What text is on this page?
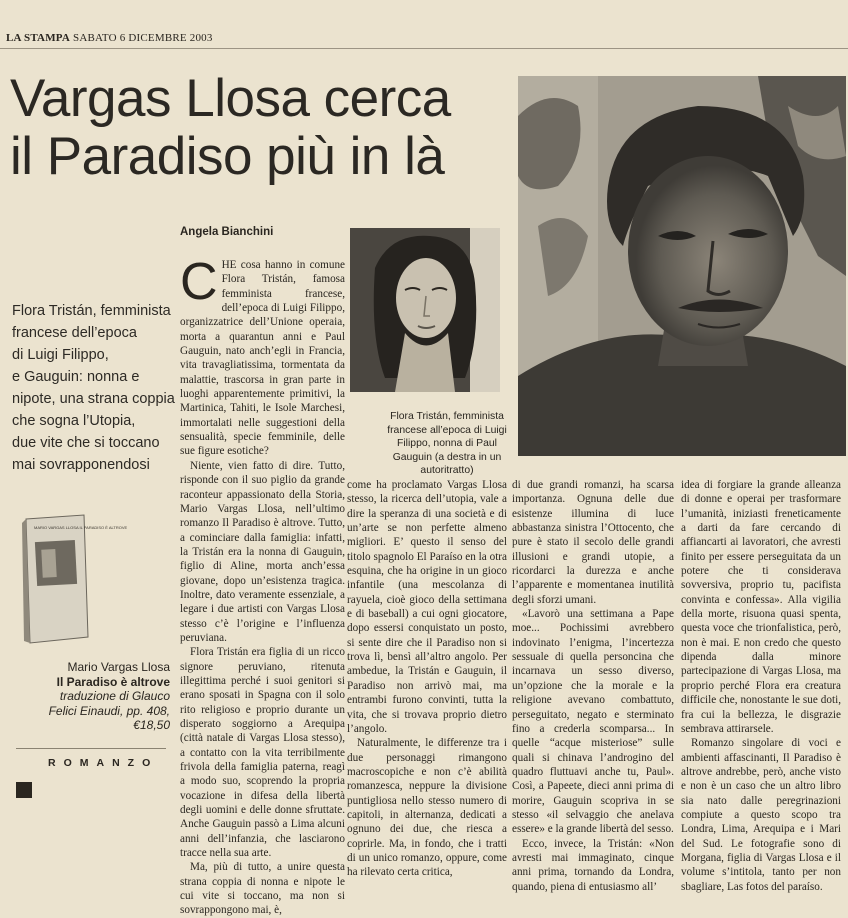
LA STAMPA SABATO 6 DICEMBRE 2003
Vargas Llosa cerca
il Paradiso più in là
Angela Bianchini
Flora Tristán, femminista francese all’epoca di Luigi Filippo, nonna di Paul Gauguin (a destra in un autoritratto)
Flora Tristán, femminista
francese dell’epoca
di Luigi Filippo,
e Gauguin: nonna e
nipote, una strana coppia
che sogna l’Utopia,
due vite che si toccano
mai sovrapponendosi
MARIO VARGAS LLOSA IL PARADISO È ALTROVE
Mario Vargas Llosa
Il Paradiso è altrove
traduzione di Glauco Felici Einaudi, pp. 408, €18,50
ROMANZO
C HE cosa hanno in comune Flora Tristán, famosa femminista francese, dell’epoca di Luigi Filippo, organizzatrice dell’Unione operaia, morta a quarantun anni e Paul Gauguin, nato anch’egli in Francia, vita travagliatissima, tormentata da malattie, trascorsa in gran parte in luoghi apparentemente primitivi, la Martinica, Tahiti, le Isole Marchesi, immortalati nelle suggestioni della sensualità, specie femminile, delle sue figure esotiche?

Niente, vien fatto di dire. Tutto, risponde con il suo piglio da grande raconteur appassionato della Storia, Mario Vargas Llosa, nell’ultimo romanzo Il Paradiso è altrove. Tutto, a cominciare dalla famiglia: infatti, la Tristán era la nonna di Gauguin, figlio di Aline, morta anch’essa giovane, dopo un’esistenza tragica. Inoltre, dato veramente essenziale, a legare i due artisti con Vargas Llosa stesso c’è l’origine e l’influenza peruviana.

Flora Tristán era figlia di un ricco signore peruviano, ritenuta illegittima perché i suoi genitori si erano sposati in Spagna con il solo rito religioso e proprio durante un disperato soggiorno a Arequipa (città natale di Vargas Llosa stesso), a contatto con la vita terribilmente frivola della famiglia paterna, reagì a modo suo, scoprendo la propria vocazione in difesa della libertà degli uomini e delle donne sfruttate. Anche Gauguin passò a Lima alcuni anni dell’infanzia, che lasciarono tracce nella sua arte.

Ma, più di tutto, a unire questa strana coppia di nonna e nipote le cui vite si toccano, ma non si sovrappongono mai, è,

come ha proclamato Vargas Llosa stesso, la ricerca dell’utopia, vale a dire la speranza di una società e di un’arte se non perfette almeno migliori. E’ questo il senso del titolo spagnolo El Paraíso en la otra esquina, che ha origine in un gioco infantile (una mescolanza di rayuela, cioè gioco della settimana e di baseball) a cui ogni giocatore, dopo essersi conquistato un posto, si sente dire che il Paradiso non si trova lì, bensì all’altro angolo. Per ambedue, la Tristán e Gauguin, il Paradiso non arrivò mai, ma entrambi furono convinti, tutta la vita, che si trovava proprio dietro l’angolo.

Naturalmente, le differenze tra i due personaggi rimangono macroscopiche e non c’è abilità romanzesca, neppure la divisione puntigliosa nello stesso numero di capitoli, in alternanza, dedicati a ognuno dei due, che riesca a coprirle. Ma, in fondo, che i tratti di un unico romanzo, oppure, come ha rilevato certa critica,

di due grandi romanzi, ha scarsa importanza. Ognuna delle due esistenze illumina di luce abbastanza sinistra l’Ottocento, che pure è stato il secolo delle grandi illusioni e grandi utopie, a ricordarci la durezza e anche l’apparente e momentanea inutilità degli sforzi umani.

«Lavorò una settimana a Pape moe... Pochissimi avrebbero indovinato l’enigma, l’incertezza sessuale di quella personcina che incarnava un sesso diverso, un’opzione che la morale e la religione avevano combattuto, perseguitato, negato e sterminato fino a crederla scomparsa... In quelle “acque misteriose” sulle quali si chinava l’androgino del quadro fluttuavi anche tu, Paul». Così, a Papeete, dieci anni prima di morire, Gauguin scopriva in se stesso «il selvaggio che anelava essere» e la grande libertà del sesso.

Ecco, invece, la Tristán: «Non avresti mai immaginato, cinque anni prima, tornando da Londra, quando, piena di entusiasmo all’

idea di forgiare la grande alleanza di donne e operai per trasformare l’umanità, iniziasti freneticamente a darti da fare cercando di affiancarti ai lavoratori, che avresti finito per essere perseguitata da un potere che ti considerava sovversiva, proprio tu, pacifista convinta e confessa». Alla vigilia della morte, risuona quasi spenta, questa voce che trionfalistica, però, non è mai. E non credo che questo dipenda dalla minore partecipazione di Vargas Llosa, ma proprio perché Flora era creatura difficile che, nonostante le sue doti, fra cui la bellezza, le disgrazie sembrava attirarsele.

Romanzo singolare di voci e ambienti affascinanti, Il Paradiso è altrove andrebbe, però, anche visto e non è un caso che un altro libro sia nato dalle peregrinazioni compiute a questo scopo tra Londra, Lima, Arequipa e i Mari del Sud. Le fotografie sono di Morgana, figlia di Vargas Llosa e il volume s’intitola, tanto per non sbagliare, Las fotos del paraíso.
